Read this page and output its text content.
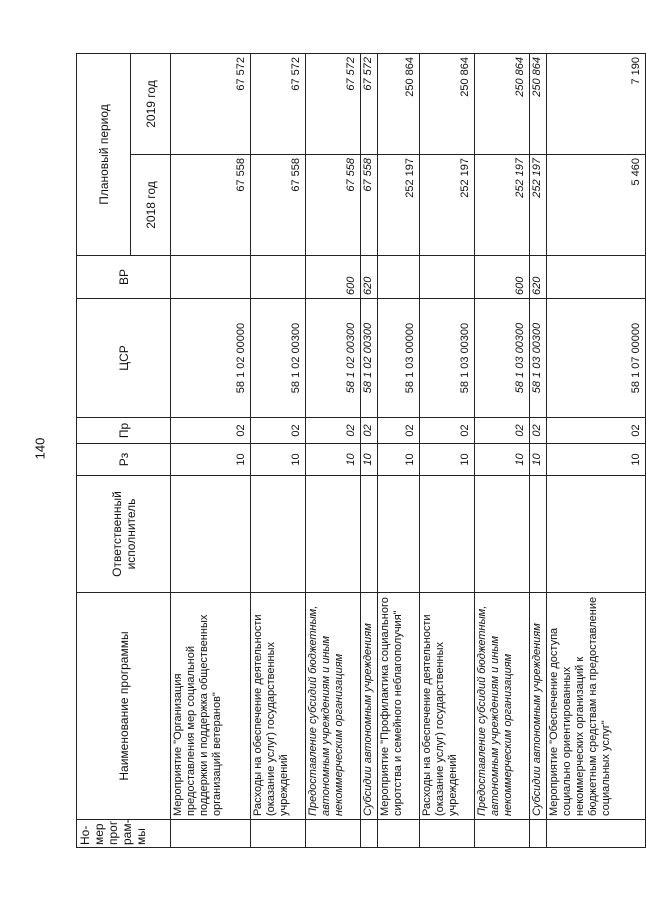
140
Но-
мер
прог
рам-
мы	Наименование программы	Ответственный исполнитель	Рз	Пр	ЦСР	ВР	Плановый период	
							2018 год	2019 год
	Мероприятие "Организация предоставления мер социальной поддержки и поддержка общественных организаций ветеранов"		10	02	58 1 02 00000		67 558	67 572
	Расходы на обеспечение деятельности (оказание услуг) государственных учреждений		10	02	58 1 02 00300		67 558	67 572
	Предоставление субсидий бюджетным, автономным учреждениям и иным некоммерческим организациям		10	02	58 1 02 00300	600	67 558	67 572
	Субсидии автономным учреждениям		10	02	58 1 02 00300	620	67 558	67 572
	Мероприятие "Профилактика социального сиротства и семейного неблагополучия"		10	02	58 1 03 00000		252 197	250 864
	Расходы на обеспечение деятельности (оказание услуг) государственных учреждений		10	02	58 1 03 00300		252 197	250 864
	Предоставление субсидий бюджетным, автономным учреждениям и иным некоммерческим организациям		10	02	58 1 03 00300	600	252 197	250 864
	Субсидии автономным учреждениям		10	02	58 1 03 00300	620	252 197	250 864
	Мероприятие "Обеспечение доступа социально ориентированных некоммерческих организаций к бюджетным средствам на предоставление социальных услуг"		10	02	58 1 07 00000		5 460	7 190
